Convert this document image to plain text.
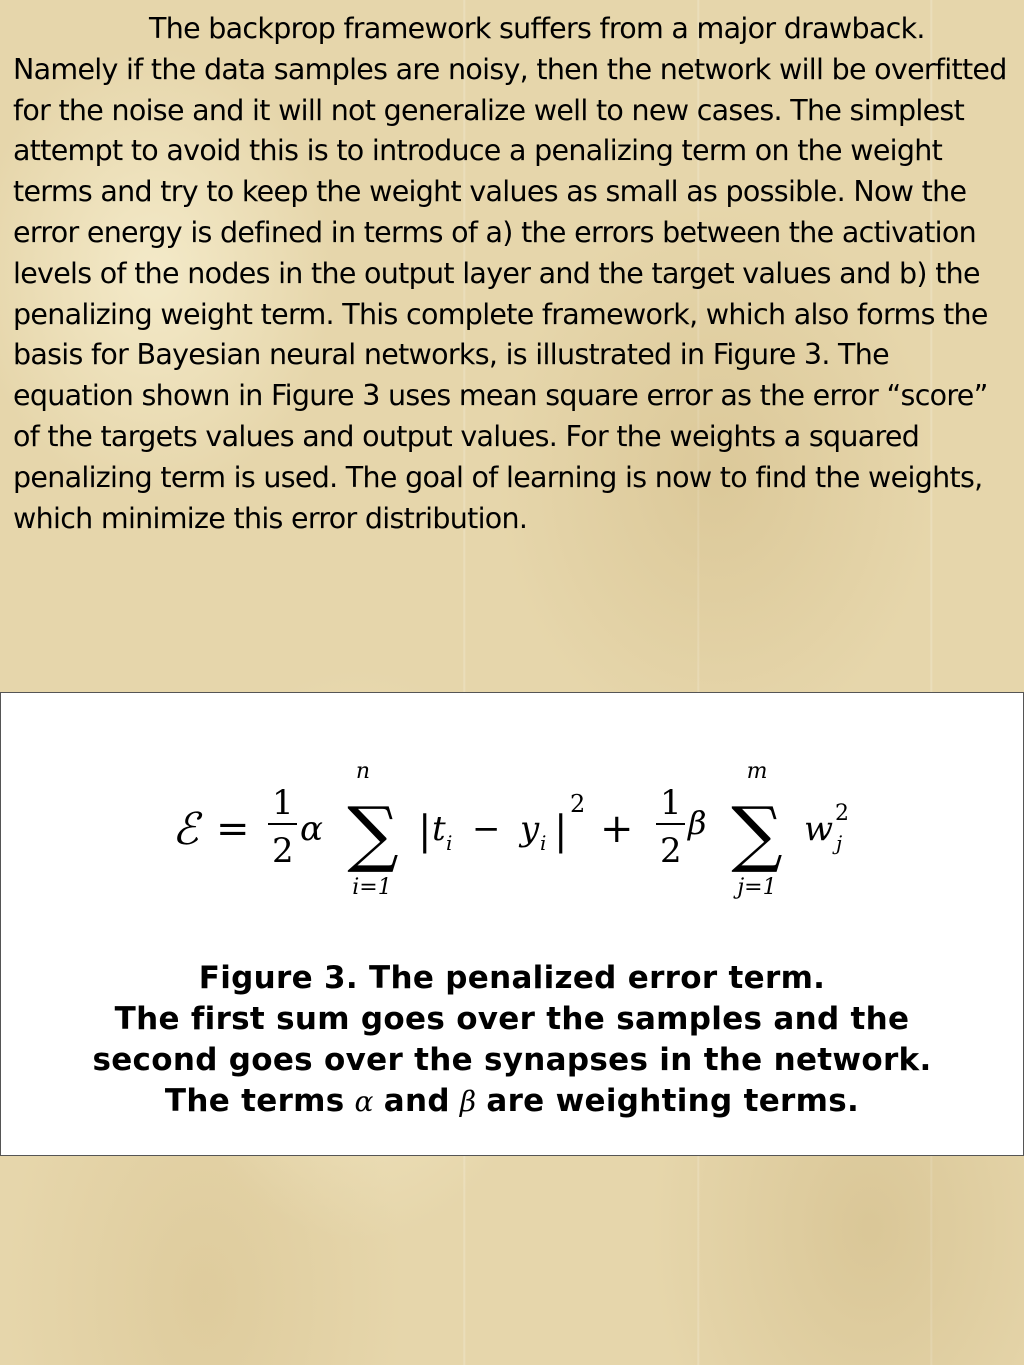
The backprop framework suffers from a major drawback. Namely if the data samples are noisy, then the network will be overfitted for the noise and it will not generalize well to new cases. The simplest attempt to avoid this is to introduce a penalizing term on the weight terms and try to keep the weight values as small as possible. Now the error energy is defined in terms of a) the errors between the activation levels of the nodes in the output layer and the target values and b) the penalizing weight term. This complete framework, which also forms the basis for Bayesian neural networks, is illustrated in Figure 3. The equation shown in Figure 3 uses mean square error as the error “score” of the targets values and output values. For the weights a squared penalizing term is used. The goal of learning is now to find the weights, which minimize this error distribution.

ℰ =
1
2
α
n
∑
i=1
| t i − y i |
2
+
1
2
β
m
∑
j=1
w 2
j
Figure 3. The penalized error term.
The first sum goes over the samples and the
second goes over the synapses in the network.
The terms α and β are weighting terms.
